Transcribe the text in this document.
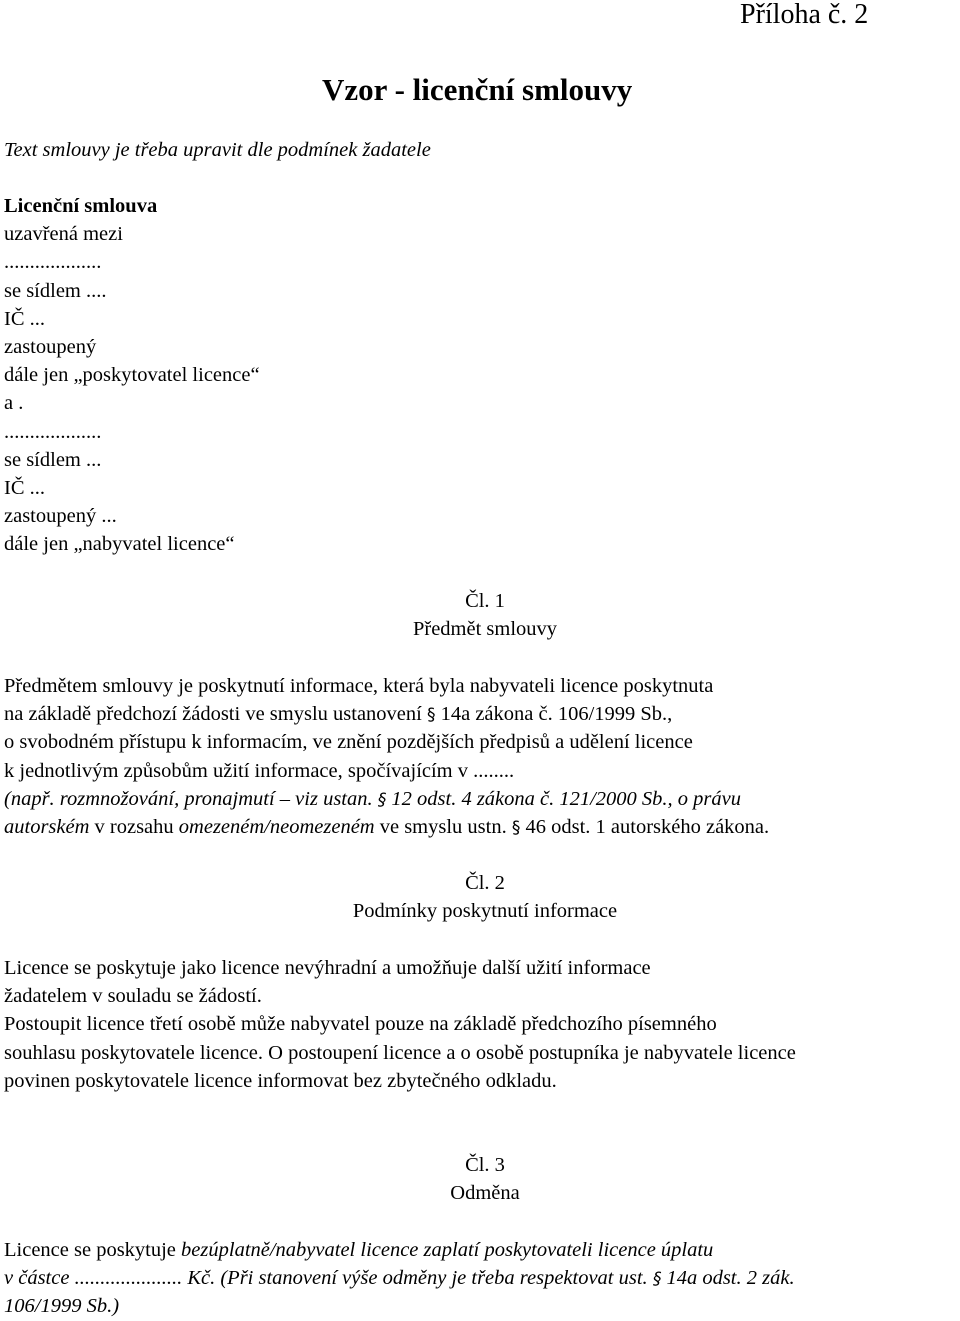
Příloha č. 2
Vzor - licenční smlouvy
Text smlouvy je třeba upravit dle podmínek žadatele
Licenční smlouva
uzavřená mezi
...................
se sídlem ....
IČ ...
zastoupený
dále jen „poskytovatel licence“
a .
...................
se sídlem ...
IČ ...
zastoupený ...
dále jen „nabyvatel licence“
Čl. 1
Předmět smlouvy
Předmětem smlouvy je poskytnutí informace, která byla nabyvateli licence poskytnuta
na základě předchozí žádosti ve smyslu ustanovení § 14a zákona č. 106/1999 Sb.,
o svobodném přístupu k informacím, ve znění pozdějších předpisů a udělení licence
k jednotlivým způsobům užití informace, spočívajícím v ........
(např. rozmnožování, pronajmutí – viz ustan. § 12 odst. 4 zákona č. 121/2000 Sb., o právu
autorském v rozsahu omezeném/neomezeném ve smyslu ustn. § 46 odst. 1 autorského zákona.
Čl. 2
Podmínky poskytnutí informace
Licence se poskytuje jako licence nevýhradní a umožňuje další užití informace
žadatelem v souladu se žádostí.
Postoupit licence třetí osobě může nabyvatel pouze na základě předchozího písemného
souhlasu poskytovatele licence. O postoupení licence a o osobě postupníka je nabyvatele licence
povinen poskytovatele licence informovat bez zbytečného odkladu.
Čl. 3
Odměna
Licence se poskytuje bezúplatně/nabyvatel licence zaplatí poskytovateli licence úplatu
v částce ..................... Kč. (Při stanovení výše odměny je třeba respektovat ust. § 14a odst. 2 zák.
106/1999 Sb.)
